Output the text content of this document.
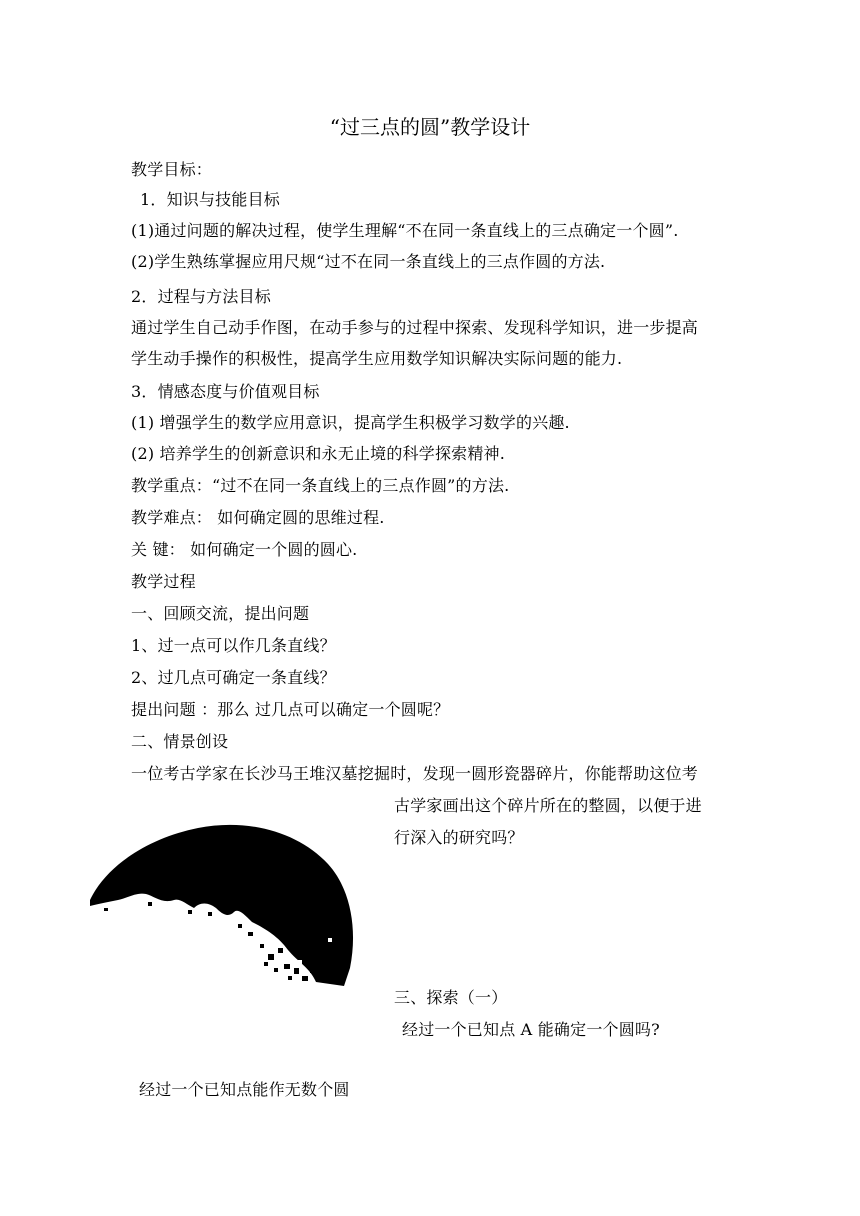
“过三点的圆”教学设计
教学目标：
1．知识与技能目标
(1)通过问题的解决过程，使学生理解“不在同一条直线上的三点确定一个圆”.
(2)学生熟练掌握应用尺规“过不在同一条直线上的三点作圆的方法.
2．过程与方法目标
通过学生自己动手作图，在动手参与的过程中探索、发现科学知识，进一步提高
学生动手操作的积极性，提高学生应用数学知识解决实际问题的能力.
3．情感态度与价值观目标
(1) 增强学生的数学应用意识，提高学生积极学习数学的兴趣.
(2) 培养学生的创新意识和永无止境的科学探索精神.
教学重点：“过不在同一条直线上的三点作圆”的方法.
教学难点： 如何确定圆的思维过程.
关 键： 如何确定一个圆的圆心.
教学过程
一、回顾交流，提出问题
1、过一点可以作几条直线？
2、过几点可确定一条直线？
提出问题 ：那么 过几点可以确定一个圆呢？
二、情景创设
一位考古学家在长沙马王堆汉墓挖掘时，发现一圆形瓷器碎片，你能帮助这位考
古学家画出这个碎片所在的整圆，以便于进
行深入的研究吗？
三、探索（一）
经过一个已知点 A 能确定一个圆吗?
经过一个已知点能作无数个圆
